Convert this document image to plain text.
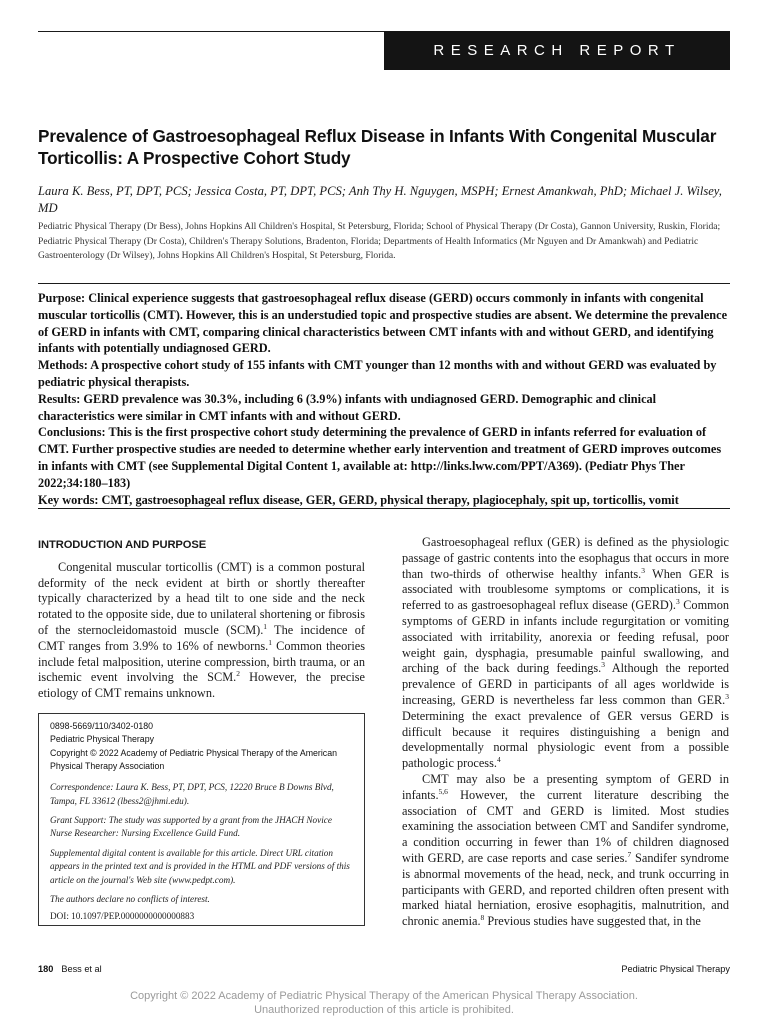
RESEARCH REPORT
Prevalence of Gastroesophageal Reflux Disease in Infants With Congenital Muscular Torticollis: A Prospective Cohort Study
Laura K. Bess, PT, DPT, PCS; Jessica Costa, PT, DPT, PCS; Anh Thy H. Nguygen, MSPH; Ernest Amankwah, PhD; Michael J. Wilsey, MD
Pediatric Physical Therapy (Dr Bess), Johns Hopkins All Children's Hospital, St Petersburg, Florida; School of Physical Therapy (Dr Costa), Gannon University, Ruskin, Florida; Pediatric Physical Therapy (Dr Costa), Children's Therapy Solutions, Bradenton, Florida; Departments of Health Informatics (Mr Nguyen and Dr Amankwah) and Pediatric Gastroenterology (Dr Wilsey), Johns Hopkins All Children's Hospital, St Petersburg, Florida.

Purpose: Clinical experience suggests that gastroesophageal reflux disease (GERD) occurs commonly in infants with congenital muscular torticollis (CMT). However, this is an understudied topic and prospective studies are absent. We determine the prevalence of GERD in infants with CMT, comparing clinical characteristics between CMT infants with and without GERD, and identifying infants with potentially undiagnosed GERD.

Methods: A prospective cohort study of 155 infants with CMT younger than 12 months with and without GERD was evaluated by pediatric physical therapists.

Results: GERD prevalence was 30.3%, including 6 (3.9%) infants with undiagnosed GERD. Demographic and clinical characteristics were similar in CMT infants with and without GERD.

Conclusions: This is the first prospective cohort study determining the prevalence of GERD in infants referred for evaluation of CMT. Further prospective studies are needed to determine whether early intervention and treatment of GERD improves outcomes in infants with CMT (see Supplemental Digital Content 1, available at: http://links.lww.com/PPT/A369). (Pediatr Phys Ther 2022;34:180–183)

Key words: CMT, gastroesophageal reflux disease, GER, GERD, physical therapy, plagiocephaly, spit up, torticollis, vomit

INTRODUCTION AND PURPOSE

Congenital muscular torticollis (CMT) is a common postural deformity of the neck evident at birth or shortly thereafter typically characterized by a head tilt to one side and the neck rotated to the opposite side, due to unilateral shortening or fibrosis of the sternocleidomastoid muscle (SCM).$^1$ The incidence of CMT ranges from 3.9% to 16% of newborns.$^1$ Common theories include fetal malposition, uterine compression, birth trauma, or an ischemic event involving the SCM.$^2$ However, the precise etiology of CMT remains unknown.

0898-5669/110/3402-0180
Pediatric Physical Therapy
Copyright © 2022 Academy of Pediatric Physical Therapy of the American Physical Therapy Association
Correspondence: Laura K. Bess, PT, DPT, PCS, 12220 Bruce B Downs Blvd, Tampa, FL 33612 (lbess2@jhmi.edu).
Grant Support: The study was supported by a grant from the JHACH Novice Nurse Researcher: Nursing Excellence Guild Fund.
Supplemental digital content is available for this article. Direct URL citation appears in the printed text and is provided in the HTML and PDF versions of this article on the journal's Web site (www.pedpt.com).
The authors declare no conflicts of interest.
DOI: 10.1097/PEP.0000000000000883

Gastroesophageal reflux (GER) is defined as the physiologic passage of gastric contents into the esophagus that occurs in more than two-thirds of otherwise healthy infants.$^3$ When GER is associated with troublesome symptoms or complications, it is referred to as gastroesophageal reflux disease (GERD).$^3$ Common symptoms of GERD in infants include regurgitation or vomiting associated with irritability, anorexia or feeding refusal, poor weight gain, dysphagia, presumable painful swallowing, and arching of the back during feedings.$^3$ Although the reported prevalence of GERD in participants of all ages worldwide is increasing, GERD is nevertheless far less common than GER.$^3$ Determining the exact prevalence of GER versus GERD is difficult because it requires distinguishing a benign and developmentally normal physiologic event from a possible pathologic process.$^4$

CMT may also be a presenting symptom of GERD in infants.$^{5,6}$ However, the current literature describing the association of CMT and GERD is limited. Most studies examining the association between CMT and Sandifer syndrome, a condition occurring in fewer than 1% of children diagnosed with GERD, are case reports and case series.$^7$ Sandifer syndrome is abnormal movements of the head, neck, and trunk occurring in participants with GERD, and reported children often present with marked hiatal herniation, erosive esophagitis, malnutrition, and chronic anemia.$^8$ Previous studies have suggested that, in the

180 Bess et al	Pediatric Physical Therapy
Copyright © 2022 Academy of Pediatric Physical Therapy of the American Physical Therapy Association.
Unauthorized reproduction of this article is prohibited.
